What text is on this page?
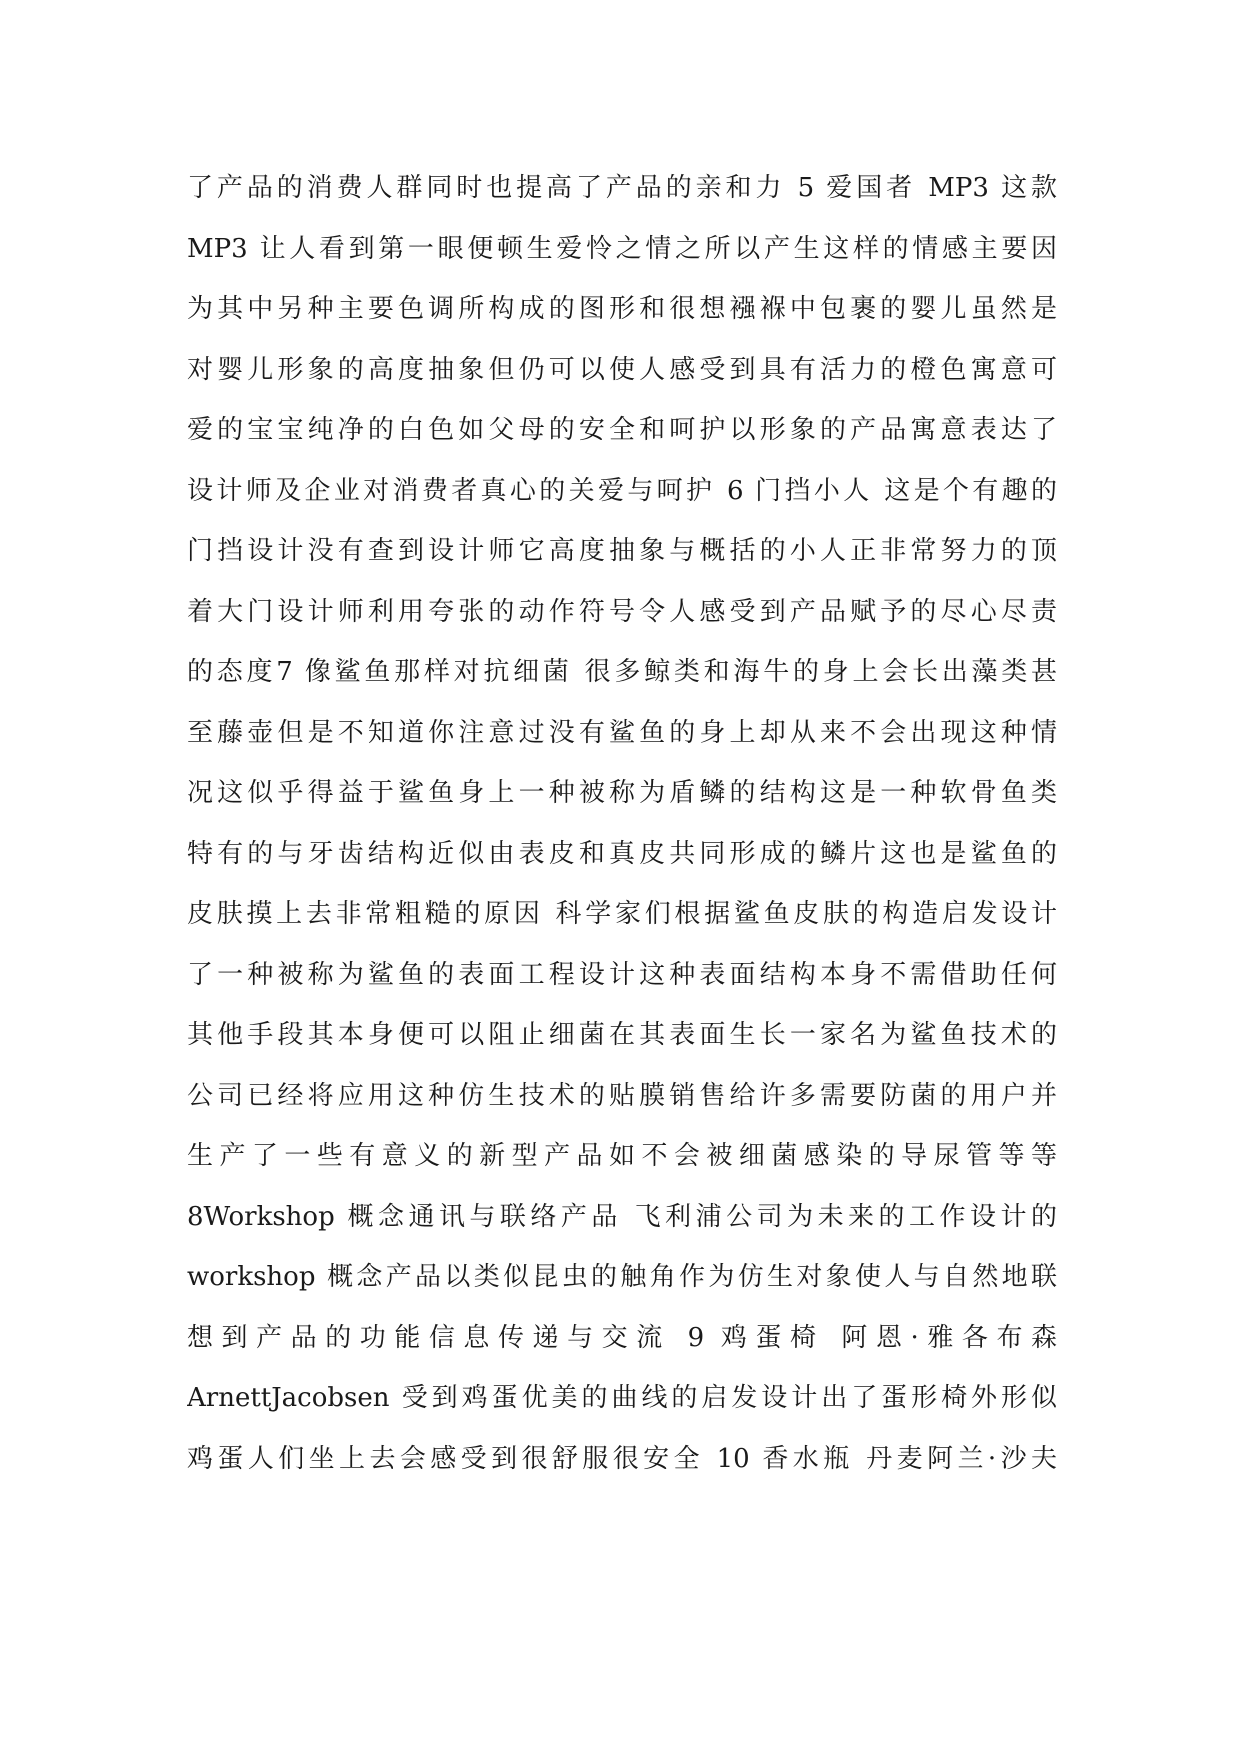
了产品的消费人群同时也提高了产品的亲和力 5 爱国者 MP3 这款
MP3 让人看到第一眼便顿生爱怜之情之所以产生这样的情感主要因
为其中另种主要色调所构成的图形和很想襁褓中包裹的婴儿虽然是
对婴儿形象的高度抽象但仍可以使人感受到具有活力的橙色寓意可
爱的宝宝纯净的白色如父母的安全和呵护以形象的产品寓意表达了
设计师及企业对消费者真心的关爱与呵护 6 门挡小人 这是个有趣的
门挡设计没有查到设计师它高度抽象与概括的小人正非常努力的顶
着大门设计师利用夸张的动作符号令人感受到产品赋予的尽心尽责
的态度7 像鲨鱼那样对抗细菌 很多鲸类和海牛的身上会长出藻类甚
至藤壶但是不知道你注意过没有鲨鱼的身上却从来不会出现这种情
况这似乎得益于鲨鱼身上一种被称为盾鳞的结构这是一种软骨鱼类
特有的与牙齿结构近似由表皮和真皮共同形成的鳞片这也是鲨鱼的
皮肤摸上去非常粗糙的原因 科学家们根据鲨鱼皮肤的构造启发设计
了一种被称为鲨鱼的表面工程设计这种表面结构本身不需借助任何
其他手段其本身便可以阻止细菌在其表面生长一家名为鲨鱼技术的
公司已经将应用这种仿生技术的贴膜销售给许多需要防菌的用户并
生产了一些有意义的新型产品如不会被细菌感染的导尿管等等
8Workshop 概念通讯与联络产品 飞利浦公司为未来的工作设计的
workshop 概念产品以类似昆虫的触角作为仿生对象使人与自然地联
想到产品的功能信息传递与交流 9 鸡蛋椅 阿恩·雅各布森
ArnettJacobsen 受到鸡蛋优美的曲线的启发设计出了蛋形椅外形似
鸡蛋人们坐上去会感受到很舒服很安全 10 香水瓶 丹麦阿兰·沙夫
